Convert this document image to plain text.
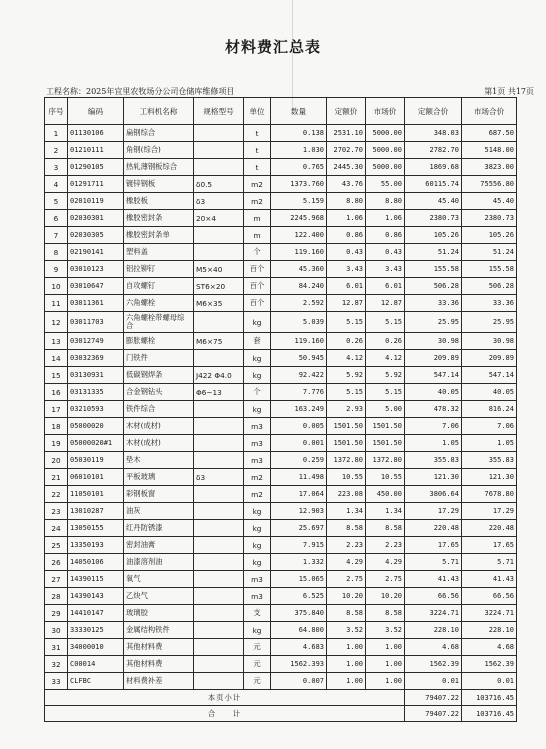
材料费汇总表
工程名称：2025年宜里农牧场分公司仓储库维修项目	第1页 共17页
序号	编码	工料机名称	规格型号	单位	数量	定额价	市场价	定额合价	市场合价
1	01130106	扁钢综合		t	0.138	2531.10	5000.00	348.03	687.50
2	01210111	角钢(综合)		t	1.030	2702.70	5000.00	2782.70	5148.00
3	01290105	热轧薄钢板综合		t	0.765	2445.30	5000.00	1869.68	3823.00
4	01291711	镀锌钢板	δ0.5	m2	1373.760	43.76	55.00	60115.74	75556.80
5	02010119	橡胶板	δ3	m2	5.159	8.80	8.80	45.40	45.40
6	02030301	橡胶密封条	20×4	m	2245.968	1.06	1.06	2380.73	2380.73
7	02030305	橡胶密封条单		m	122.400	0.86	0.86	105.26	105.26
8	02190141	塑料盖		个	119.160	0.43	0.43	51.24	51.24
9	03010123	铝拉铆钉	M5×40	百个	45.360	3.43	3.43	155.58	155.58
10	03010647	自攻螺钉	ST6×20	百个	84.240	6.01	6.01	506.28	506.28
11	03011361	六角螺栓	M6×35	百个	2.592	12.87	12.87	33.36	33.36
12	03011703	六角螺栓带螺母综合		kg	5.039	5.15	5.15	25.95	25.95
13	03012749	膨胀螺栓	M6×75	套	119.160	0.26	0.26	30.98	30.98
14	03032369	门铁件		kg	50.945	4.12	4.12	209.89	209.89
15	03130931	低碳钢焊条	J422 Φ4.0	kg	92.422	5.92	5.92	547.14	547.14
16	03131335	合金钢钻头	Φ6~13	个	7.776	5.15	5.15	40.05	40.05
17	03210593	铁件综合		kg	163.249	2.93	5.00	478.32	816.24
18	05000020	木材(成材)		m3	0.005	1501.50	1501.50	7.06	7.06
19	05000020#1	木材(成材)		m3	0.001	1501.50	1501.50	1.05	1.05
20	05030119	垫木		m3	0.259	1372.80	1372.80	355.83	355.83
21	06010101	平板玻璃	δ3	m2	11.498	10.55	10.55	121.30	121.30
22	11050101	彩钢板窗		m2	17.064	223.08	450.00	3806.64	7678.80
23	13010287	油灰		kg	12.903	1.34	1.34	17.29	17.29
24	13050155	红丹防锈漆		kg	25.697	8.58	8.58	220.48	220.48
25	13350193	密封油膏		kg	7.915	2.23	2.23	17.65	17.65
26	14050106	油漆溶剂油		kg	1.332	4.29	4.29	5.71	5.71
27	14390115	氧气		m3	15.065	2.75	2.75	41.43	41.43
28	14390143	乙炔气		m3	6.525	10.20	10.20	66.56	66.56
29	14410147	玻璃胶		支	375.840	8.58	8.58	3224.71	3224.71
30	33330125	金属结构铁件		kg	64.800	3.52	3.52	228.10	228.10
31	34000010	其他材料费		元	4.683	1.00	1.00	4.68	4.68
32	C00014	其他材料费		元	1562.393	1.00	1.00	1562.39	1562.39
33	CLFBC	材料费补差		元	0.007	1.00	1.00	0.01	0.01
本页小计								79407.22	103716.45
合　　计								79407.22	103716.45
